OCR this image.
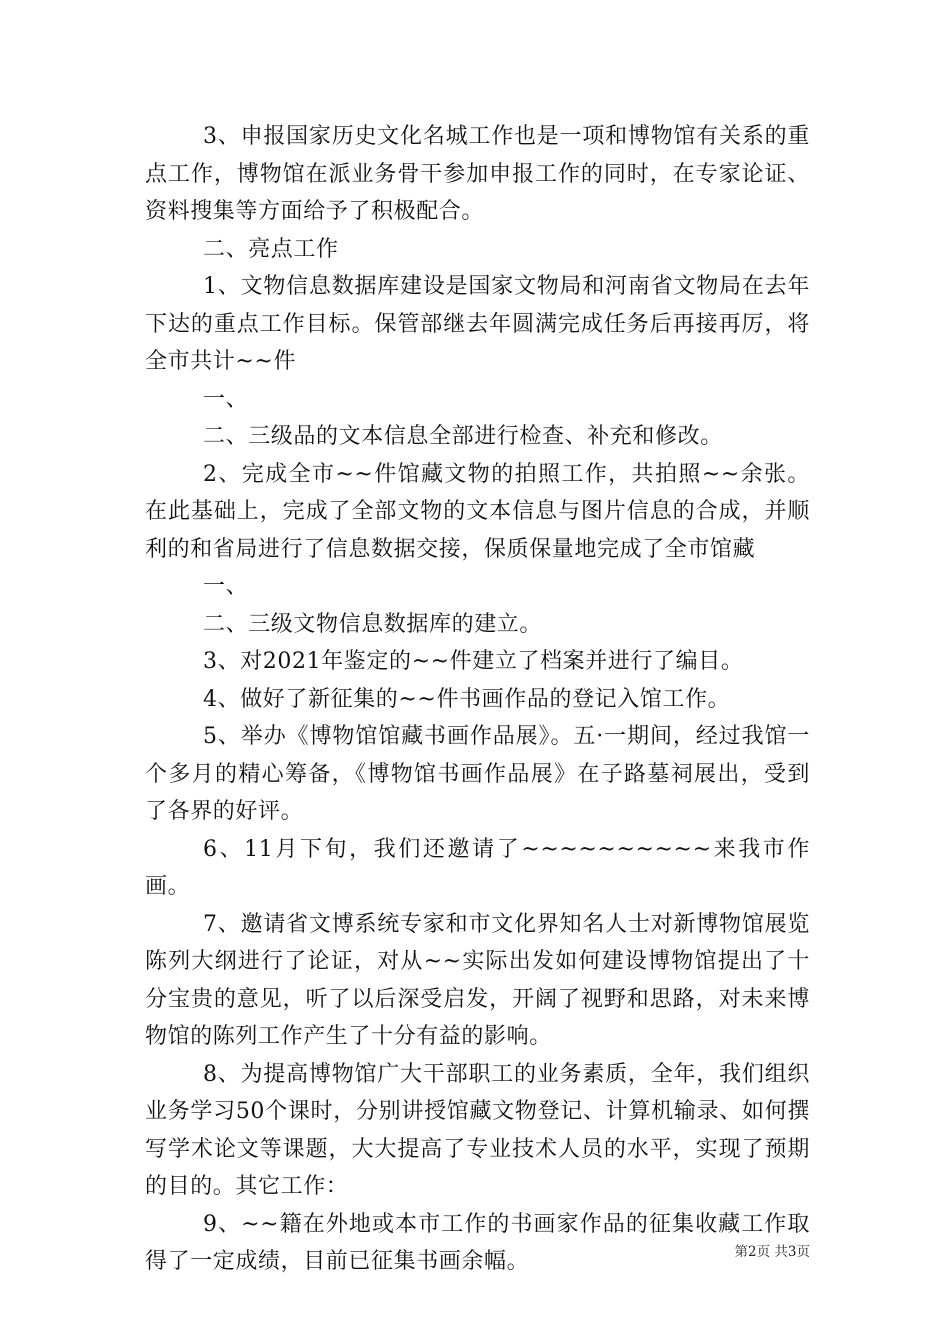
3、申报国家历史文化名城工作也是一项和博物馆有关系的重点工作，博物馆在派业务骨干参加申报工作的同时，在专家论证、资料搜集等方面给予了积极配合。

二、亮点工作

1、文物信息数据库建设是国家文物局和河南省文物局在去年下达的重点工作目标。保管部继去年圆满完成任务后再接再厉，将全市共计~~件

一、

二、三级品的文本信息全部进行检查、补充和修改。

2、完成全市~~件馆藏文物的拍照工作，共拍照~~余张。在此基础上，完成了全部文物的文本信息与图片信息的合成，并顺利的和省局进行了信息数据交接，保质保量地完成了全市馆藏

一、

二、三级文物信息数据库的建立。

3、对2021年鉴定的~~件建立了档案并进行了编目。

4、做好了新征集的~~件书画作品的登记入馆工作。

5、举办《博物馆馆藏书画作品展》。五·一期间，经过我馆一个多月的精心筹备，《博物馆书画作品展》在子路墓祠展出，受到了各界的好评。

6、11月下旬，我们还邀请了~~~~~~~~~~来我市作画。

7、邀请省文博系统专家和市文化界知名人士对新博物馆展览陈列大纲进行了论证，对从~~实际出发如何建设博物馆提出了十分宝贵的意见，听了以后深受启发，开阔了视野和思路，对未来博物馆的陈列工作产生了十分有益的影响。

8、为提高博物馆广大干部职工的业务素质，全年，我们组织业务学习50个课时，分别讲授馆藏文物登记、计算机输录、如何撰写学术论文等课题，大大提高了专业技术人员的水平，实现了预期的目的。其它工作：

9、~~籍在外地或本市工作的书画家作品的征集收藏工作取得了一定成绩，目前已征集书画余幅。	第2页 共3页
